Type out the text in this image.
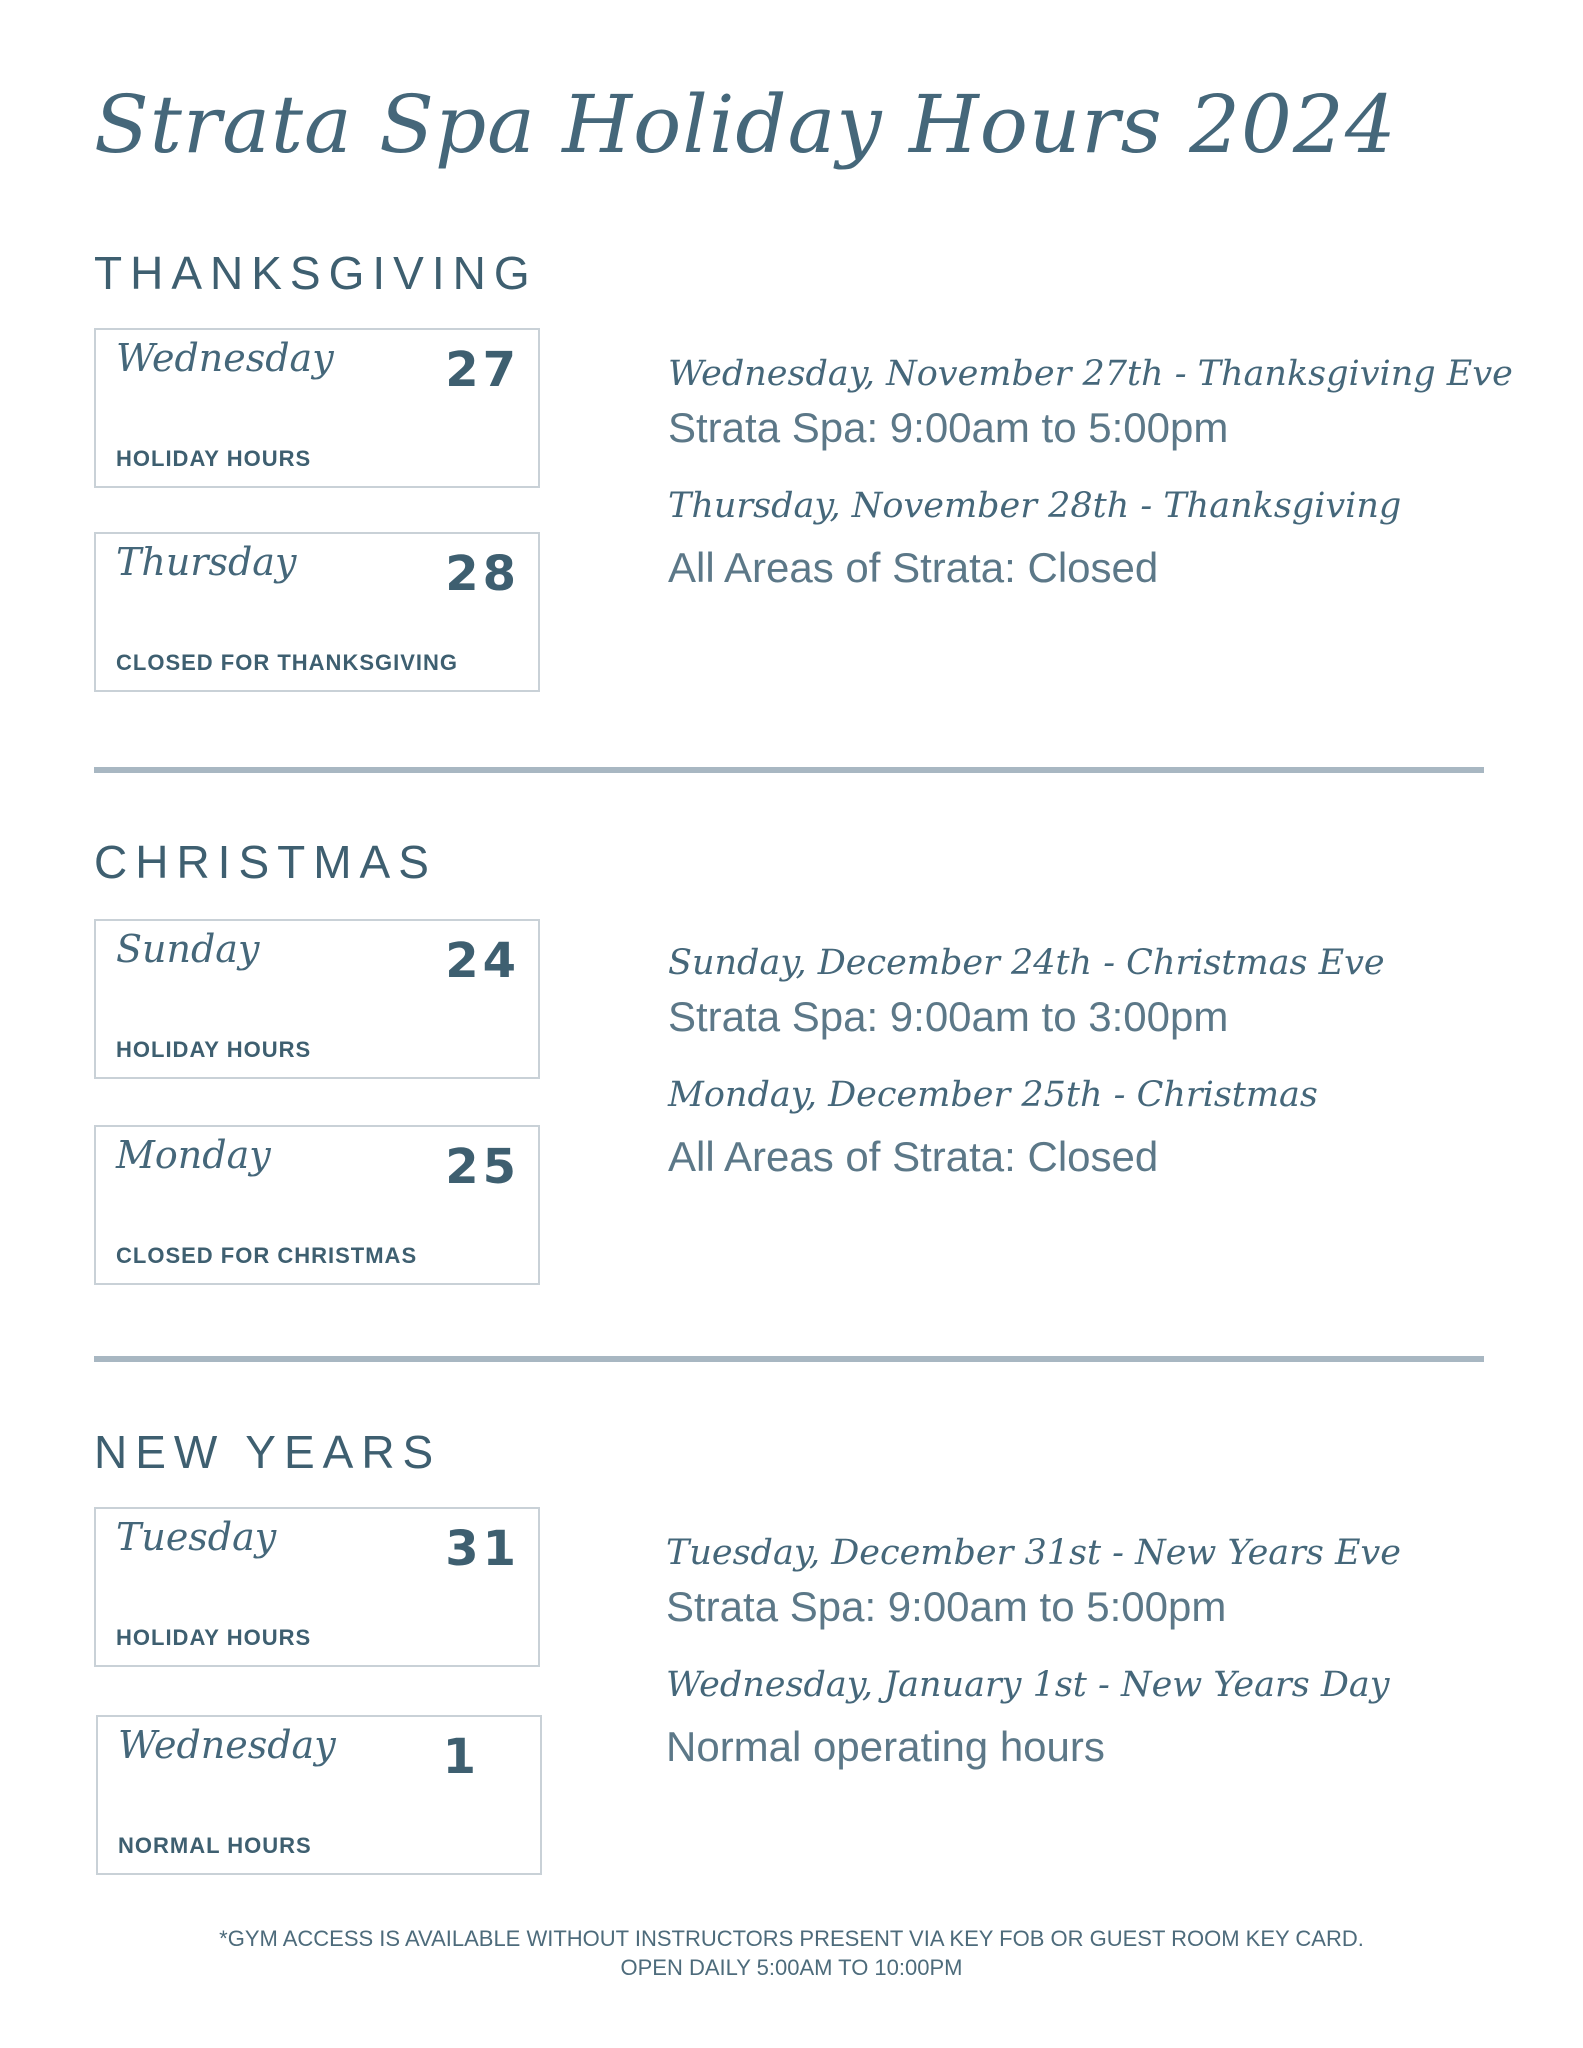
Strata Spa Holiday Hours 2024
THANKSGIVING
Wednesday 27
HOLIDAY HOURS
Thursday	28
CLOSED FOR THANKSGIVING
Wednesday, November 27th - Thanksgiving Eve
Strata Spa: 9:00am to 5:00pm
Thursday, November 28th - Thanksgiving
All Areas of Strata: Closed
CHRISTMAS
Sunday	24
HOLIDAY HOURS
Monday	25
CLOSED FOR CHRISTMAS
Sunday, December 24th - Christmas Eve
Strata Spa: 9:00am to 3:00pm
Monday, December 25th - Christmas
All Areas of Strata: Closed
NEW YEARS
Tuesday	31
HOLIDAY HOURS
Wednesday 1
NORMAL HOURS
Tuesday, December 31st - New Years Eve
Strata Spa: 9:00am to 5:00pm
Wednesday, January 1st - New Years Day
Normal operating hours
*GYM ACCESS IS AVAILABLE WITHOUT INSTRUCTORS PRESENT VIA KEY FOB OR GUEST ROOM KEY CARD.
OPEN DAILY 5:00AM TO 10:00PM
